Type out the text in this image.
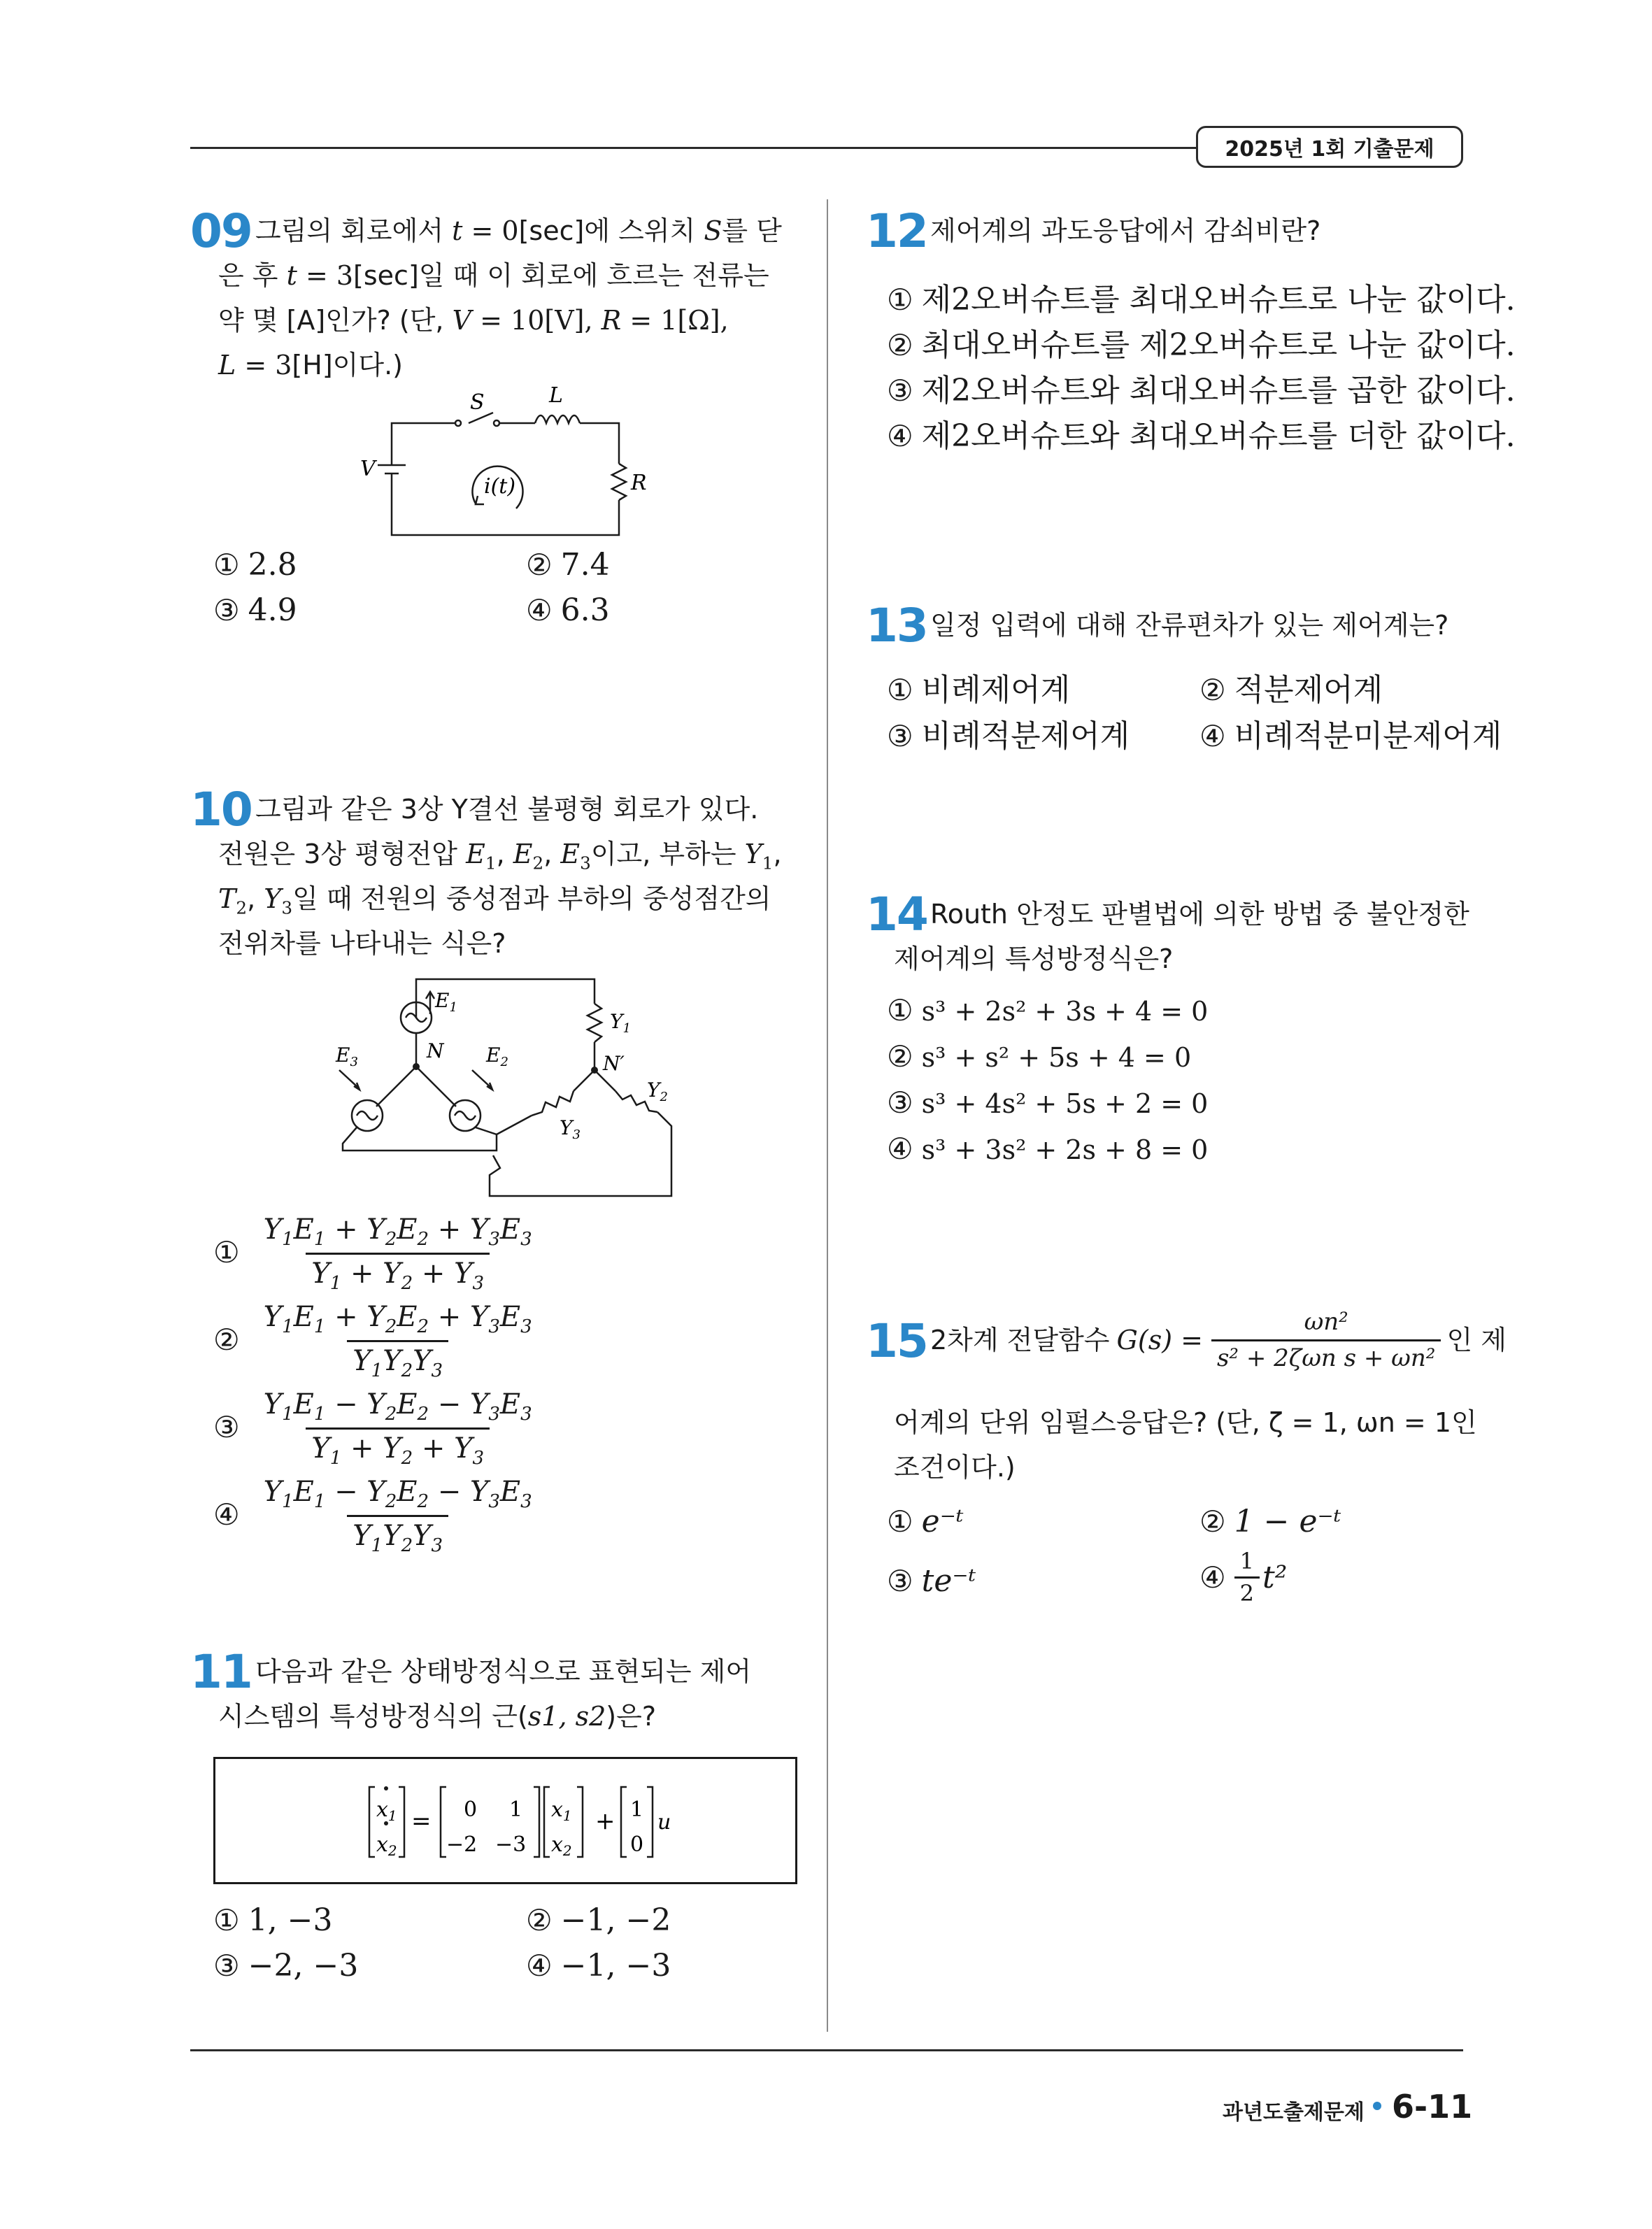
2025년 1회 기출문제
09 그림의 회로에서 t = 0[sec]에 스위치 S를 닫
은 후 t = 3[sec]일 때 이 회로에 흐르는 전류는
약 몇 [A]인가? (단, V = 10[V], R = 1[Ω],
L = 3[H]이다.)
S	L
V
R
i(t)
① 2.8	② 7.4
③ 4.9	④ 6.3
10 그림과 같은 3상 Y결선 불평형 회로가 있다.
전원은 3상 평형전압 $E_1$, $E_2$, $E_3$이고, 부하는 $Y_1$,
$T_2$, $Y_3$일 때 전원의 중성점과 부하의 중성점간의
전위차를 나타내는 식은?
$E_1$
$E_3$	$E_2$
N
N′
$Y_1$
$Y_2$
$Y_3$
① $\frac{Y_1E_1 + Y_2E_2 + Y_3E_3}{Y_1 + Y_2 + Y_3}$
② $\frac{Y_1E_1 + Y_2E_2 + Y_3E_3}{Y_1Y_2Y_3}$
③ $\frac{Y_1E_1 - Y_2E_2 - Y_3E_3}{Y_1 + Y_2 + Y_3}$
④ $\frac{Y_1E_1 - Y_2E_2 - Y_3E_3}{Y_1Y_2Y_3}$
11 다음과 같은 상태방정식으로 표현되는 제어
시스템의 특성방정식의 근(s1, s2)은?
$x_1$
$x_2$
= 0 1
−2 −3
$x_1$
$x_2$
+ 1
0
u
① 1, −3	② −1, −2
③ −2, −3	④ −1, −3
12 제어계의 과도응답에서 감쇠비란?
① 제2오버슈트를 최대오버슈트로 나눈 값이다.
② 최대오버슈트를 제2오버슈트로 나눈 값이다.
③ 제2오버슈트와 최대오버슈트를 곱한 값이다.
④ 제2오버슈트와 최대오버슈트를 더한 값이다.
13 일정 입력에 대해 잔류편차가 있는 제어계는?
① 비례제어계	② 적분제어계
③ 비례적분제어계 ④ 비례적분미분제어계
14 Routh 안정도 판별법에 의한 방법 중 불안정한
제어계의 특성방정식은?
① s³ + 2s² + 3s + 4 = 0
② s³ + s² + 5s + 4 = 0
③ s³ + 4s² + 5s + 2 = 0
④ s³ + 3s² + 2s + 8 = 0
15 2차계 전달함수 $G(s) = \frac{\text{ωn²}}{\text{s² + 2ζωn s + ωn²}}$ 인 제
어계의 단위 임펄스응답은? (단, ζ = 1, ωn = 1인
조건이다.)
① e⁻ᵗ	② 1 − e⁻ᵗ
③ te⁻ᵗ	④ $\frac{1}{2} t^2$
과년도출제문제 6-11
